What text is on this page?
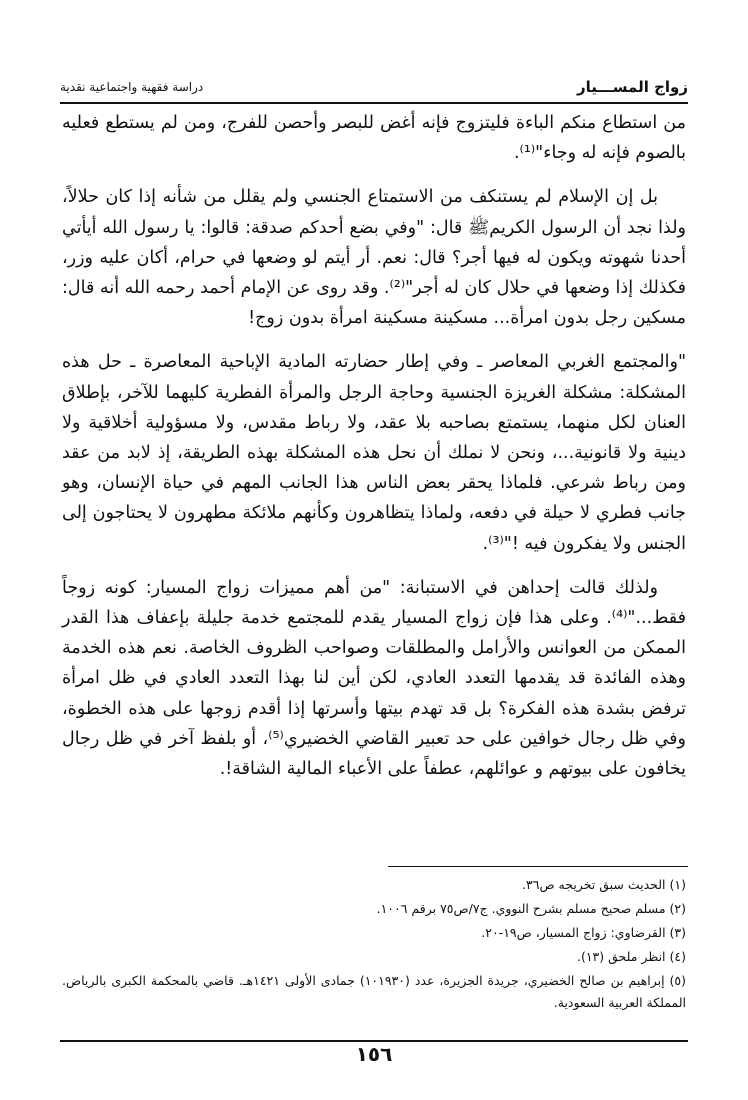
زواج المســـيار
دراسة فقهية واجتماعية نقدية

من استطاع منكم الباءة فليتزوج فإنه أغض للبصر وأحصن للفرج، ومن لم يستطع فعليه بالصوم فإنه له وجاء"⁽¹⁾.

بل إن الإسلام لم يستنكف من الاستمتاع الجنسي ولم يقلل من شأنه إذا كان حلالاً، ولذا نجد أن الرسول الكريمﷺ قال: "وفي بضع أحدكم صدقة: قالوا: يا رسول الله أيأتي أحدنا شهوته ويكون له فيها أجر؟ قال: نعم. أر أيتم لو وضعها في حرام، أكان عليه وزر، فكذلك إذا وضعها في حلال كان له أجر"⁽²⁾. وقد روى عن الإمام أحمد رحمه الله أنه قال: مسكين رجل بدون امرأة... مسكينة مسكينة امرأة بدون زوج!

"والمجتمع الغربي المعاصر ـ وفي إطار حضارته المادية الإباحية المعاصرة ـ حل هذه المشكلة: مشكلة الغريزة الجنسية وحاجة الرجل والمرأة الفطرية كليهما للآخر، بإطلاق العنان لكل منهما، يستمتع بصاحبه بلا عقد، ولا رباط مقدس، ولا مسؤولية أخلاقية ولا دينية ولا قانونية...، ونحن لا نملك أن نحل هذه المشكلة بهذه الطريقة، إذ لابد من عقد ومن رباط شرعي. فلماذا يحقر بعض الناس هذا الجانب المهم في حياة الإنسان، وهو جانب فطري لا حيلة في دفعه، ولماذا يتظاهرون وكأنهم ملائكة مطهرون لا يحتاجون إلى الجنس ولا يفكرون فيه !"⁽³⁾.

ولذلك قالت إحداهن في الاستبانة: "من أهم مميزات زواج المسيار: كونه زوجاً فقط..."⁽⁴⁾. وعلى هذا فإن زواج المسيار يقدم للمجتمع خدمة جليلة بإعفاف هذا القدر الممكن من العوانس والأرامل والمطلقات وصواحب الظروف الخاصة. نعم هذه الخدمة وهذه الفائدة قد يقدمها التعدد العادي، لكن أين لنا بهذا التعدد العادي في ظل امرأة ترفض بشدة هذه الفكرة؟ بل قد تهدم بيتها وأسرتها إذا أقدم زوجها على هذه الخطوة، وفي ظل رجال خوافين على حد تعبير القاضي الخضيري⁽⁵⁾، أو بلفظ آخر في ظل رجال يخافون على بيوتهم و عوائلهم، عطفاً على الأعباء المالية الشاقة!.

(١) الحديث سبق تخريجه ص٣٦.
(٢) مسلم صحيح مسلم بشرح النووي. ج٧/ص٧٥ برقم ١٠٠٦.
(٣) القرضاوي: زواج المسيار، ص١٩-٢٠.
(٤) انظر ملحق (١٣).
(٥) إبراهيم بن صالح الخضيري، جريدة الجزيرة، عدد (١٠١٩٣٠) جمادى الأولى ١٤٢١هـ. قاضي بالمحكمة الكبرى بالرياض. المملكة العربية السعودية.
١٥٦
